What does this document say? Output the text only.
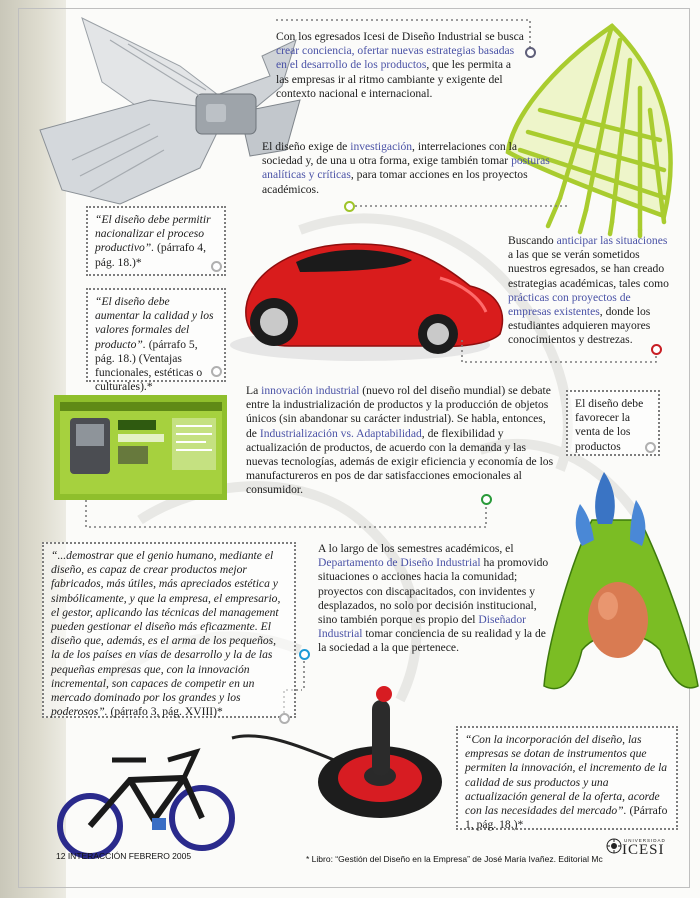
Con los egresados Icesi de Diseño Industrial se busca crear conciencia, ofertar nuevas estrategias basadas en el desarrollo de los productos, que les permita a las empresas ir al ritmo cambiante y exigente del contexto nacional e internacional.
El diseño exige de investigación, interrelaciones con la sociedad y, de una u otra forma, exige también tomar posturas analíticas y críticas, para tomar acciones en los proyectos académicos.
“El diseño debe permitir nacionalizar el proceso productivo”. (párrafo 4, pág. 18.)*
“El diseño debe aumentar la calidad y los valores formales del producto”. (párrafo 5, pág. 18.) (Ventajas funcionales, estéticas o culturales).*
Buscando anticipar las situaciones a las que se verán sometidos nuestros egresados, se han creado estrategias académicas, tales como prácticas con proyectos de empresas existentes, donde los estudiantes adquieren mayores conocimientos y destrezas.
La innovación industrial (nuevo rol del diseño mundial) se debate entre la industrialización de productos y la producción de objetos únicos (sin abandonar su carácter industrial). Se habla, entonces, de Industrialización vs. Adaptabilidad, de flexibilidad y actualización de productos, de acuerdo con la demanda y las nuevas tecnologías, además de exigir eficiencia y economía de los manufactureros en pos de dar satisfacciones emocionales al consumidor.
El diseño debe favorecer la venta de los productos
“...demostrar que el genio humano, mediante el diseño, es capaz de crear productos mejor fabricados, más útiles, más apreciados estética y simbólicamente, y que la empresa, el empresario, el gestor, aplicando las técnicas del management pueden gestionar el diseño más eficazmente. El diseño que, además, es el arma de los pequeños, la de los países en vías de desarrollo y la de las pequeñas empresas que, con la innovación incremental, son capaces de competir en un mercado dominado por los grandes y los poderosos”. (párrafo 3, pág. XVIII)*
A lo largo de los semestres académicos, el Departamento de Diseño Industrial ha promovido situaciones o acciones hacia la comunidad; proyectos con discapacitados, con invidentes y desplazados, no solo por decisión institucional, sino también porque es propio del Diseñador Industrial tomar conciencia de su realidad y la de la sociedad a la que pertenece.
“Con la incorporación del diseño, las empresas se dotan de instrumentos que permiten la innovación, el incremento de la calidad de sus productos y una actualización general de la oferta, acorde con las necesidades del mercado”. (Párrafo 1, pág. 18.)*
12 INTERACCIÓN FEBRERO 2005	* Libro: “Gestión del Diseño en la Empresa” de José María Ivañez. Editorial Mc
UNIVERSIDAD
ICESI
